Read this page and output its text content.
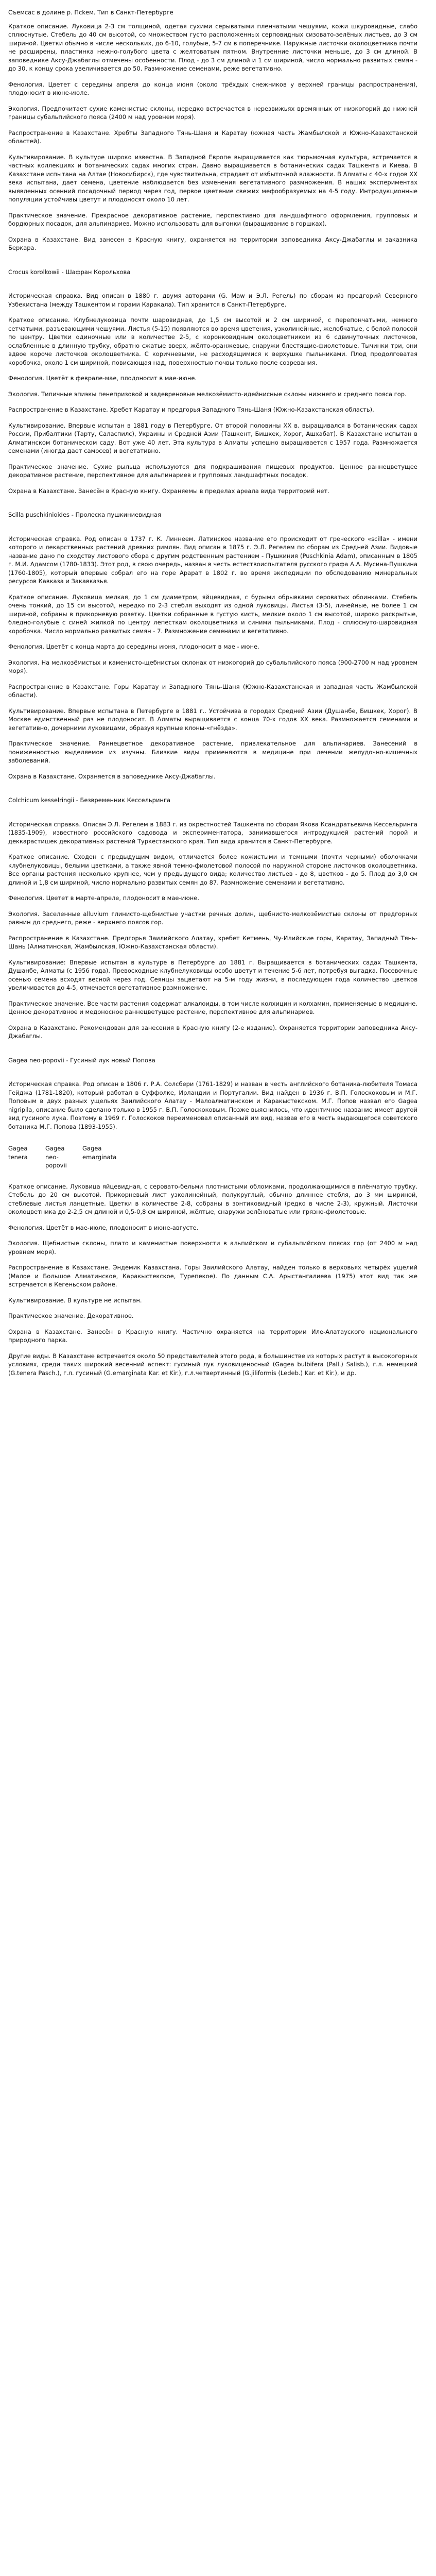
Съемсас в долине р. Псkем. Тип в Санкт-Петербурге

Краткое описание. Луковица 2-3 см толщиной, одетая сухими серыватыми пленчатыми чешуями, кожи шкуровидные, слабо сплюснутые. Стебель до 40 см высотой, со множеством густо расположенных серповидных сизовато-зелёных листьев, до 3 см шириной. Цветки обычно в числе нескольких, до 6-10, голубые, 5-7 см в поперечнике. Наружные листочки околоцветника почти не расширены, пластинка нежно-голубого цвета с желтоватым пятном. Внутренние листочки меньше, до 3 см длиной. В заповеднике Аксу-Джабаглы отмечены особенности. Плод - до 3 см длиной и 1 см шириной, число нормально развитых семян - до 30, к концу срока увеличивается до 50. Размножение семенами, реже вегетативно.

Фенология. Цветет с середины апреля до конца июня (около трёхдых снежников у верхней границы распространения), плодоносит в июне-июле.

Экология. Предпочитает сухие каменистые склоны, нередко встречается в нерезвижьях времянных от низкогорий до нижней границы субальпийского пояса (2400 м над уровнем моря).

Распространение в Казахстане. Хребты Западного Тянь-Шаня и Каратау (южная часть Жамбылской и Южно-Казахстанской областей).

Культивирование. В культуре широко известна. В Западной Европе выращивается как тюрьмочная культура, встречается в частных коллекциях и ботанических садах многих стран. Давно выращивается в ботанических садах Ташкента и Киева. В Казахстане испытана на Алтае (Новосибирск), где чувствительна, страдает от избыточной влажности. В Алматы с 40-х годов XX века испытана, дает семена, цветение наблюдается без изменения вегетативного размножения. В наших экспериментах выявленных осенний посадочный период через год, первое цветение свежих мефообразуемых на 4-5 году. Интродукционные популяции устойчивы цветут и плодоносят около 10 лет.

Практическое значение. Прекрасное декоративное растение, перспективно для ландшафтного оформления, групповых и бордюрных посадок, для альпинариев. Можно использовать для выгонки (выращивание в горшках).

Охрана в Казахстане. Вид занесен в Красную книгу, охраняется на территории заповедника Аксу-Джабаглы и заказника Беркара.

Crocus korolkowii - Шафран Корольхова

Историческая справка. Вид описан в 1880 г. двумя авторами (G. Maw и Э.Л. Регель) по сборам из предгорий Северного Узбекистана (между Ташкентом и горами Каракала). Тип хранится в Санкт-Петербурге.

Краткое описание. Клубнелуковица почти шаровидная, до 1,5 см высотой и 2 см шириной, с перепончатыми, немного сетчатыми, разъевающими чешуями. Листья (5-15) появляются во время цветения, узколинейные, желобчатые, с белой полосой по центру. Цветки одиночные или в количестве 2-5, с коронковидным околоцветником из 6 сдвинуточных листочков, ослабленные в длинную трубку, обратно сжатые вверх, жёлто-оранжевые, снаружи блестящие-фиолетовые. Тычинки три, они вдвое короче листочков околоцветника. С коричневыми, не расходящимися к верхушке пыльниками. Плод продолговатая коробочка, около 1 см шириной, повисающая над, поверхностью почвы только после созревания.

Фенология. Цветёт в феврале-мае, плодоносит в мае-июне.

Экология. Типичные эпиэкы пенепризовой и задевреновые мелкозёмисто-идейнисные склоны нижнего и среднего пояса гор.

Распространение в Казахстане. Хребет Каратау и предгорья Западного Тянь-Шаня (Южно-Казахстанская область).

Культивирование. Впервые испытан в 1881 году в Петербурге. От второй половины XX в. выращивался в ботанических садах России, Прибалтики (Тарту, Саласпилс), Украины и Средней Азии (Ташкент, Бишкек, Хорог, Ашхабат). В Казахстане испытан в Алматинском ботаническом саду. Вот уже 40 лет. Эта культура в Алматы успешно выращивается с 1957 года. Размножается семенами (иногда дает самосев) и вегетативно.

Практическое значение. Сухие рыльца используются для подкрашивания пищевых продуктов. Ценное раннецветущее декоративное растение, перспективное для альпинариев и групповых ландшафтных посадок.

Охрана в Казахстане. Занесён в Красную книгу. Охраняемы в пределах ареала вида территорий нет.

Scilla puschkinioides - Пролеска пушкиниевидная

Историческая справка. Род описан в 1737 г. К. Линнеем. Латинское название его происходит от греческого «scilla» - имени которого и лекарственных растений древних римлян. Вид описан в 1875 г. Э.Л. Регелем по сборам из Средней Азии. Видовые название дано по сходству листового сбора с другим родственным растением - Пушкиния (Puschkinia Adam), описанным в 1805 г. М.И. Адамсом (1780-1833). Этот род, в свою очередь, назван в честь естествоиспытателя русского графа А.А. Мусина-Пушкина (1760-1805), который впервые собрал его на горе Арарат в 1802 г. во время экспедиции по обследованию минеральных ресурсов Кавказа и Закавказья.

Краткое описание. Луковица мелкая, до 1 см диаметром, яйцевидная, с бурыми обрывками сероватых обоинками. Стебель очень тонкий, до 15 см высотой, нередко по 2-3 стебля выходят из одной луковицы. Листья (3-5), линейные, не более 1 см шириной, собраны в прикорневую розетку. Цветки собранные в густую кисть, мелкие около 1 см высотой, широко раскрытые, бледно-голубые с синей жилкой по центру лепесткам околоцветника и синими пыльниками. Плод - сплюснуто-шаровидная коробочка. Число нормально развитых семян - 7. Размножение семенами и вегетативно.

Фенология. Цветёт с конца марта до середины июня, плодоносит в мае - июне.

Экология. На мелкозёмистых и каменисто-щебнистых склонах от низкогорий до субальпийского пояса (900-2700 м над уровнем моря).

Распространение в Казахстане. Горы Каратау и Западного Тянь-Шаня (Южно-Казахстанская и западная часть Жамбылской области).

Культивирование. Впервые испытана в Петербурге в 1881 г.. Устойчива в городах Средней Азии (Душанбе, Бишкек, Хорог). В Москве единственный раз не плодоносит. В Алматы выращивается с конца 70-х годов XX века. Размножается семенами и вегетативно, дочерними луковицами, образуя крупные клоны-«гнёзда».

Практическое значение. Раннецветное декоративное растение, привлекательное для альпинариев. Занесений в пониженностью выделяемое из изучны. Близкие виды применяются в медицине при лечении желудочно-кишечных заболеваний.

Охрана в Казахстане. Охраняется в заповеднике Аксу-Джабаглы.

Colchicum kesselringii - Безвременник Кессельринга

Историческая справка. Описан Э.Л. Регелем в 1883 г. из окрестностей Ташкента по сборам Якова Ксандратьевича Кессельринга (1835-1909), известного российского садовода и экспериментатора, занимавшегося интродукцией растений порой и деккарастишек декоративных растений Туркестанского края. Тип вида хранится в Санкт-Петербурге.

Краткое описание. Сходен с предыдущим видом, отличается более кожистыми и темными (почти черными) оболочками клубнелуковицы, белыми цветками, а также явной темно-фиолетовой полосой по наружной стороне листочков околоцветника. Все органы растения несколько крупнее, чем у предыдущего вида; количество листьев - до 8, цветков - до 5. Плод до 3,0 см длиной и 1,8 см шириной, число нормально развитых семян до 87. Размножение семенами и вегетативно.

Фенология. Цветет в марте-апреле, плодоносит в мае-июне.

Экология. Заселенные alluvium глинисто-щебнистые участки речных долин, щебнисто-мелкозёмистые склоны от предгорных равнин до среднего, реже - верхнего поясов гор.

Распространение в Казахстане. Предгорья Заилийского Алатау, хребет Кетмень, Чу-Илийские горы, Каратау, Западный Тянь-Шань (Алматинская, Жамбылская, Южно-Казахстанская области).

Культивирование: Впервые испытан в культуре в Петербурге до 1881 г. Выращивается в ботанических садах Ташкента, Душанбе, Алматы (с 1956 года). Превосходные клубнелуковицы особо цветут и течение 5-6 лет, потребуя выгадка. Посевочные осенью семена всходят весной через год. Сеянцы зацветают на 5-м году жизни, в последующем года количество цветков увеличивается до 4-5, отмечается вегетативное размножение.

Практическое значение. Все части растения содержат алкалоиды, в том числе колхицин и колхамин, применяемые в медицине. Ценное декоративное и медоносное раннецветущее растение, перспективное для альпинариев.

Охрана в Казахстане. Рекомендован для занесения в Красную книгу (2-е издание). Охраняется территории заповедника Аксу-Джабаглы.

Gagea neo-popovii - Гусиный лук новый Попова

Историческая справка. Род описан в 1806 г. Р.А. Солсбери (1761-1829) и назван в честь английского ботаника-любителя Томаса Гейджа (1781-1820), который работал в Суффолке, Ирландии и Португалии. Вид найден в 1936 г. В.П. Голоскоковым и М.Г. Поповым в двух разных ущельях Заилийского Алатау - Малоалматинском и Каракыстекском. М.Г. Попов назвал его Gagea nigripila, описание было сделано только в 1955 г. В.П. Голоскоковым. Позже выяснилось, что идентичное название имеет другой вид гусиного лука. Поэтому в 1969 г. Голоскоков переименовал описанный им вид, назвав его в честь выдающегося советского ботаника М.Г. Попова (1893-1955).

Gagea tenera
Gagea neo-popovii
Gagea emarginata

Краткое описание. Луковица яйцевидная, с серовато-бельми плотнистыми обломками, продолжающимися в плёнчатую трубку. Стебель до 20 см высотой. Прикорневый лист узколинейный, полукруглый, обычно длиннее стебля, до 3 мм шириной, стеблевые листья ланцетные. Цветки в количестве 2-8, собраны в зонтиковидный (редко в числе 2-3), кружный. Листочки околоцветника до 2-2,5 см длиной и 0,5-0,8 см шириной, жёлтые, снаружи зелёноватые или грязно-фиолетовые.

Фенология. Цветёт в мае-июле, плодоносит в июне-августе.

Экология. Щебнистые склоны, плато и каменистые поверхности в альпийском и субальпийском поясах гор (от 2400 м над уровнем моря).

Распространение в Казахстане. Эндемик Казахстана. Горы Заилийского Алатау, найден только в верховьях четырёх ущелий (Малое и Большое Алматинское, Каракыстекское, Турепекое). По данным С.А. Арыстангалиева (1975) этот вид так же встречается в Кегеньском районе.

Культивирование. В культуре не испытан.

Практическое значение. Декоративное.

Охрана в Казахстане. Занесён в Красную книгу. Частично охраняется на территории Иле-Алатауского национального природного парка.

Другие виды. В Казахстане встречается около 50 представителей этого рода, в большинстве из которых растут в высокогорных условиях, среди таких широкий весенний аспект: гусиный лук луковиценосный (Gagea bulbifera (Pall.) Salisb.), г.л. немецкий (G.tenera Pasch.), г.л. гусиный (G.emarginata Kar. et Kir.), г.л.четвертинный (G.jiliformis (Ledeb.) Kar. et Kir.), и др.
